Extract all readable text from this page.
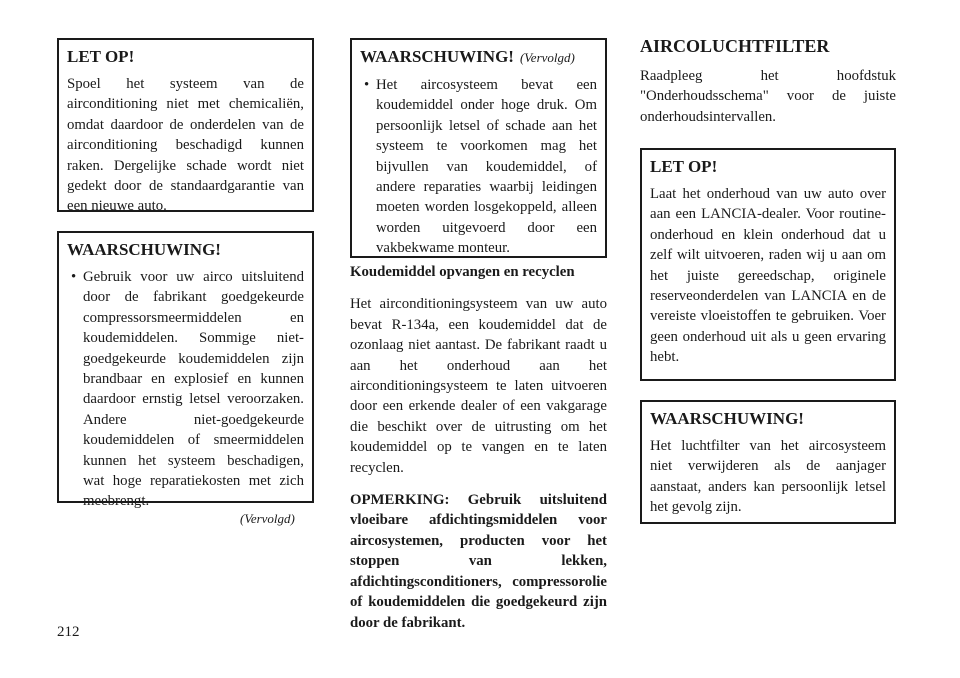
LET OP!

Spoel het systeem van de airconditioning niet met chemicaliën, omdat daardoor de onderdelen van de airconditioning beschadigd kunnen raken. Dergelijke schade wordt niet gedekt door de standaardgarantie van een nieuwe auto.

WAARSCHUWING!

• Gebruik voor uw airco uitsluitend door de fabrikant goedgekeurde compressorsmeermiddelen en koudemiddelen. Sommige niet-goedgekeurde koudemiddelen zijn brandbaar en explosief en kunnen daardoor ernstig letsel veroorzaken. Andere niet-goedgekeurde koudemiddelen of smeermiddelen kunnen het systeem beschadigen, wat hoge reparatiekosten met zich meebrengt.

(Vervolgd)

WAARSCHUWING! (Vervolgd)

• Het aircosysteem bevat een koudemiddel onder hoge druk. Om persoonlijk letsel of schade aan het systeem te voorkomen mag het bijvullen van koudemiddel, of andere reparaties waarbij leidingen moeten worden losgekoppeld, alleen worden uitgevoerd door een vakbekwame monteur.

Koudemiddel opvangen en recyclen

Het airconditioningsysteem van uw auto bevat R-134a, een koudemiddel dat de ozonlaag niet aantast. De fabrikant raadt u aan het onderhoud aan het airconditioningsysteem te laten uitvoeren door een erkende dealer of een vakgarage die beschikt over de uitrusting om het koudemiddel op te vangen en te laten recyclen.

OPMERKING: Gebruik uitsluitend vloeibare afdichtingsmiddelen voor aircosystemen, producten voor het stoppen van lekken, afdichtingsconditioners, compressorolie of koudemiddelen die goedgekeurd zijn door de fabrikant.

AIRCOLUCHTFILTER

Raadpleeg het hoofdstuk "Onderhoudsschema" voor de juiste onderhoudsintervallen.

LET OP!

Laat het onderhoud van uw auto over aan een LANCIA-dealer. Voor routine-onderhoud en klein onderhoud dat u zelf wilt uitvoeren, raden wij u aan om het juiste gereedschap, originele reserveonderdelen van LANCIA en de vereiste vloeistoffen te gebruiken. Voer geen onderhoud uit als u geen ervaring hebt.

WAARSCHUWING!

Het luchtfilter van het aircosysteem niet verwijderen als de aanjager aanstaat, anders kan persoonlijk letsel het gevolg zijn.

212
